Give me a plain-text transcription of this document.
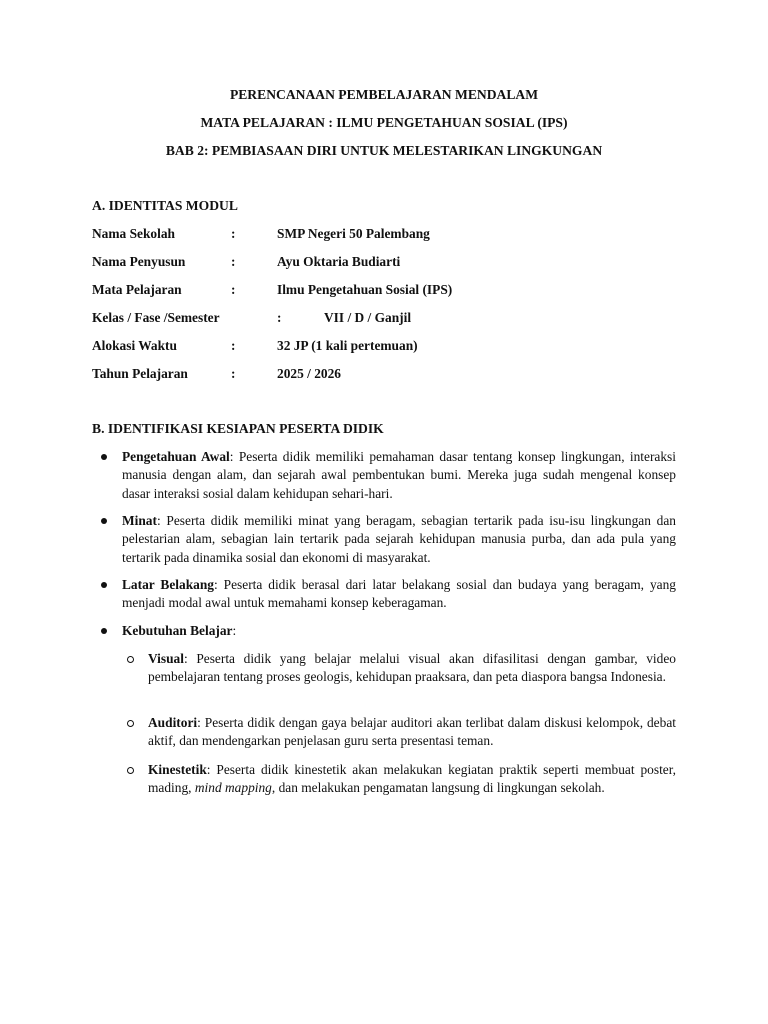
PERENCANAAN PEMBELAJARAN MENDALAM

MATA PELAJARAN : ILMU PENGETAHUAN SOSIAL (IPS)

BAB 2: PEMBIASAAN DIRI UNTUK MELESTARIKAN LINGKUNGAN

A. IDENTITAS MODUL

Nama Sekolah	:	SMP Negeri 50 Palembang
Nama Penyusun	:	Ayu Oktaria Budiarti
Mata Pelajaran	:	Ilmu Pengetahuan Sosial (IPS)
Kelas / Fase /Semester	:	VII / D / Ganjil
Alokasi Waktu	:	32 JP (1 kali pertemuan)
Tahun Pelajaran	:	2025 / 2026

B. IDENTIFIKASI KESIAPAN PESERTA DIDIK

Pengetahuan Awal: Peserta didik memiliki pemahaman dasar tentang konsep lingkungan, interaksi manusia dengan alam, dan sejarah awal pembentukan bumi. Mereka juga sudah mengenal konsep dasar interaksi sosial dalam kehidupan sehari-hari.

Minat: Peserta didik memiliki minat yang beragam, sebagian tertarik pada isu-isu lingkungan dan pelestarian alam, sebagian lain tertarik pada sejarah kehidupan manusia purba, dan ada pula yang tertarik pada dinamika sosial dan ekonomi di masyarakat.

Latar Belakang: Peserta didik berasal dari latar belakang sosial dan budaya yang beragam, yang menjadi modal awal untuk memahami konsep keberagaman.

Kebutuhan Belajar:

Visual: Peserta didik yang belajar melalui visual akan difasilitasi dengan gambar, video pembelajaran tentang proses geologis, kehidupan praaksara, dan peta diaspora bangsa Indonesia.

Auditori: Peserta didik dengan gaya belajar auditori akan terlibat dalam diskusi kelompok, debat aktif, dan mendengarkan penjelasan guru serta presentasi teman.

Kinestetik: Peserta didik kinestetik akan melakukan kegiatan praktik seperti membuat poster, mading, mind mapping, dan melakukan pengamatan langsung di lingkungan sekolah.
